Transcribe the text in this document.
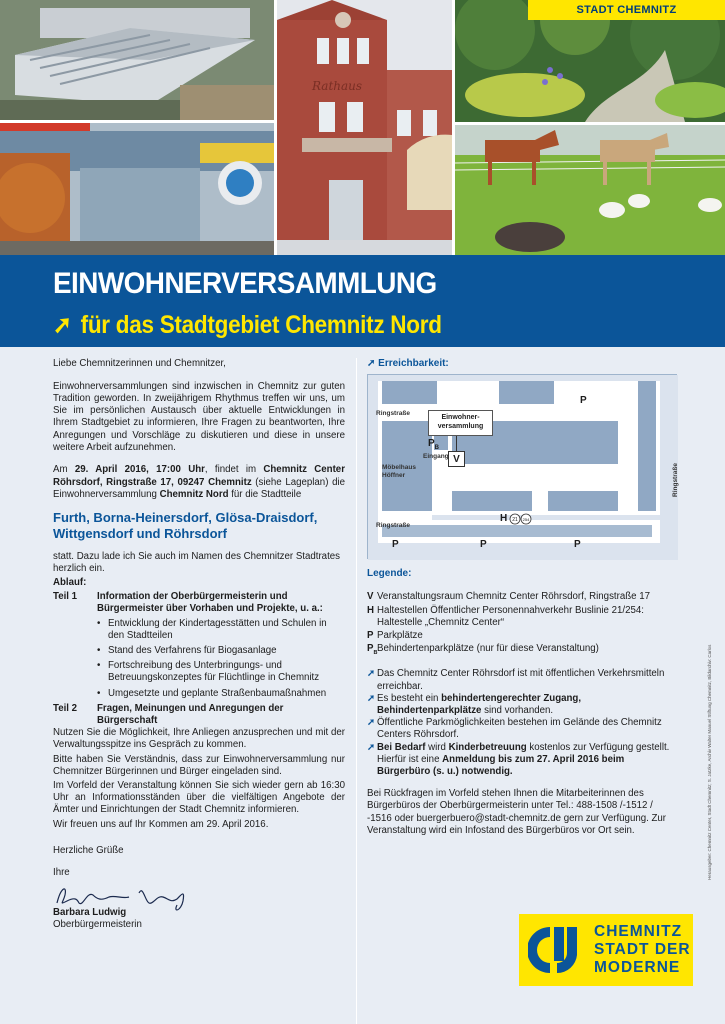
Rathaus
STADT CHEMNITZ
EINWOHNERVERSAMMLUNG
➚ für das Stadtgebiet Chemnitz Nord

Liebe Chemnitzerinnen und Chemnitzer,

Einwohnerversammlungen sind inzwischen in Chemnitz zur guten Tradition geworden. In zweijährigem Rhythmus treffen wir uns, um Sie im persönlichen Austausch über aktuelle Entwicklungen in Ihrem Stadtgebiet zu informieren, Ihre Fragen zu beantworten, Ihre Anregungen und Vorschläge zu diskutieren und diese in unsere weitere Arbeit aufzunehmen.

Am 29. April 2016, 17:00 Uhr, findet im Chemnitz Center Röhrsdorf, Ringstraße 17, 09247 Chemnitz (siehe Lageplan) die Einwohnerversammlung Chemnitz Nord für die Stadtteile

Furth, Borna-Heinersdorf, Glösa-Draisdorf,
Wittgensdorf und Röhrsdorf

statt. Dazu lade ich Sie auch im Namen des Chemnitzer Stadtrates herzlich ein.

Ablauf:
Teil 1	Information der Oberbürgermeisterin und Bürgermeister über Vorhaben und Projekte, u. a.:
• Entwicklung der Kindertagesstätten und Schulen in den Stadtteilen
• Stand des Verfahrens für Biogasanlage
• Fortschreibung des Unterbringungs- und Betreuungskonzeptes für Flüchtlinge in Chemnitz
• Umgesetzte und geplante Straßenbaumaßnahmen
Teil 2	Fragen, Meinungen und Anregungen der Bürgerschaft

Nutzen Sie die Möglichkeit, Ihre Anliegen anzusprechen und mit der Verwaltungsspitze ins Gespräch zu kommen.

Bitte haben Sie Verständnis, dass zur Einwohnerversammlung nur Chemnitzer Bürgerinnen und Bürger eingeladen sind.

Im Vorfeld der Veranstaltung können Sie sich wieder gern ab 16:30 Uhr an Informationsständen über die vielfältigen Angebote der Ämter und Einrichtungen der Stadt Chemnitz informieren.

Wir freuen uns auf Ihr Kommen am 29. April 2016.

Herzliche Grüße

Ihre
Barbara Ludwig
Oberbürgermeisterin
➚ Erreichbarkeit:
Einwohner-
versammlung
V
Ringstraße
Ringstraße
Ringstraße
Möbelhaus
Höffner
Eingang
$P_B$
P
P	P	P
H 21 254
Legende:
V Veranstaltungsraum Chemnitz Center Röhrsdorf, Ringstraße 17
H Haltestellen Öffentlicher Personennahverkehr Buslinie 21/254: Haltestelle „Chemnitz Center“
P Parkplätze
$P_B$ Behindertenparkplätze (nur für diese Veranstaltung)
➚ Das Chemnitz Center Röhrsdorf ist mit öffentlichen Verkehrsmitteln erreichbar.
➚ Es besteht ein behindertengerechter Zugang, Behindertenparkplätze sind vorhanden.
➚ Öffentliche Parkmöglichkeiten bestehen im Gelände des Chemnitz Centers Röhrsdorf.
➚ Bei Bedarf wird Kinderbetreuung kostenlos zur Verfügung gestellt. Hierfür ist eine Anmeldung bis zum 27. April 2016 beim Bürgerbüro (s. u.) notwendig.

Bei Rückfragen im Vorfeld stehen Ihnen die Mitarbeiterinnen des Bürgerbüros der Oberbürgermeisterin unter Tel.: 488-1508 /-1512 / -1516 oder buergerbuero@stadt-chemnitz.de gern zur Verfügung. Zur Veranstaltung wird ein Infostand des Bürgerbüros vor Ort sein.	Herausgeber: Chemnitz Center, Stadt Chemnitz; S. Jatzke, Archiv Walter Manuel Stiftung Chemnitz, Bildarchiv: Carlos
CHEMNITZ
STADT DER
MODERNE
